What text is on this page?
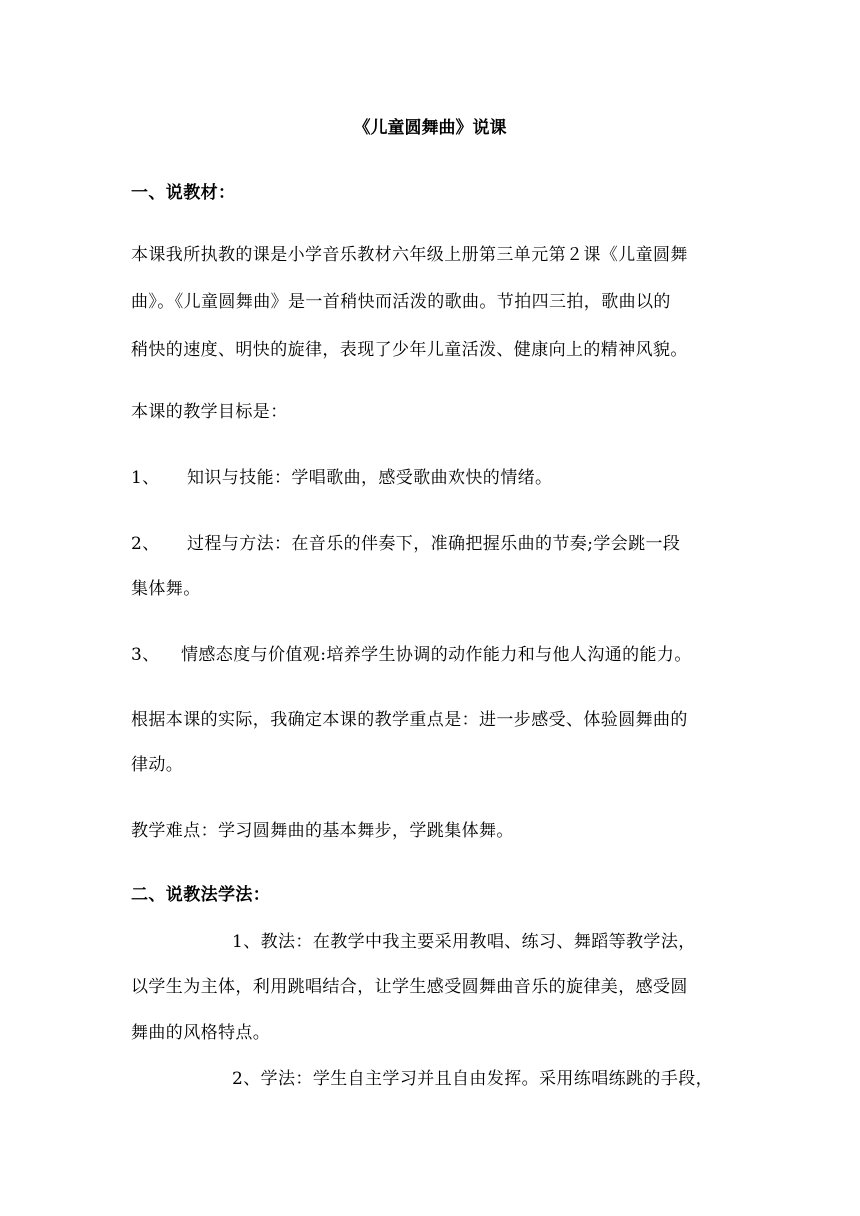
《儿童圆舞曲》说课
一、说教材：
本课我所执教的课是小学音乐教材六年级上册第三单元第２课《儿童圆舞
曲》。《儿童圆舞曲》是一首稍快而活泼的歌曲。节拍四三拍，歌曲以的
稍快的速度、明快的旋律，表现了少年儿童活泼、健康向上的精神风貌。
本课的教学目标是：
1、 知识与技能：学唱歌曲，感受歌曲欢快的情绪。
2、 过程与方法：在音乐的伴奏下，准确把握乐曲的节奏;学会跳一段
集体舞。
3、 情感态度与价值观:培养学生协调的动作能力和与他人沟通的能力。
根据本课的实际，我确定本课的教学重点是：进一步感受、体验圆舞曲的
律动。
教学难点：学习圆舞曲的基本舞步，学跳集体舞。
二、说教法学法：
1、教法：在教学中我主要采用教唱、练习、舞蹈等教学法，
以学生为主体，利用跳唱结合，让学生感受圆舞曲音乐的旋律美，感受圆
舞曲的风格特点。
2、学法：学生自主学习并且自由发挥。采用练唱练跳的手段，
